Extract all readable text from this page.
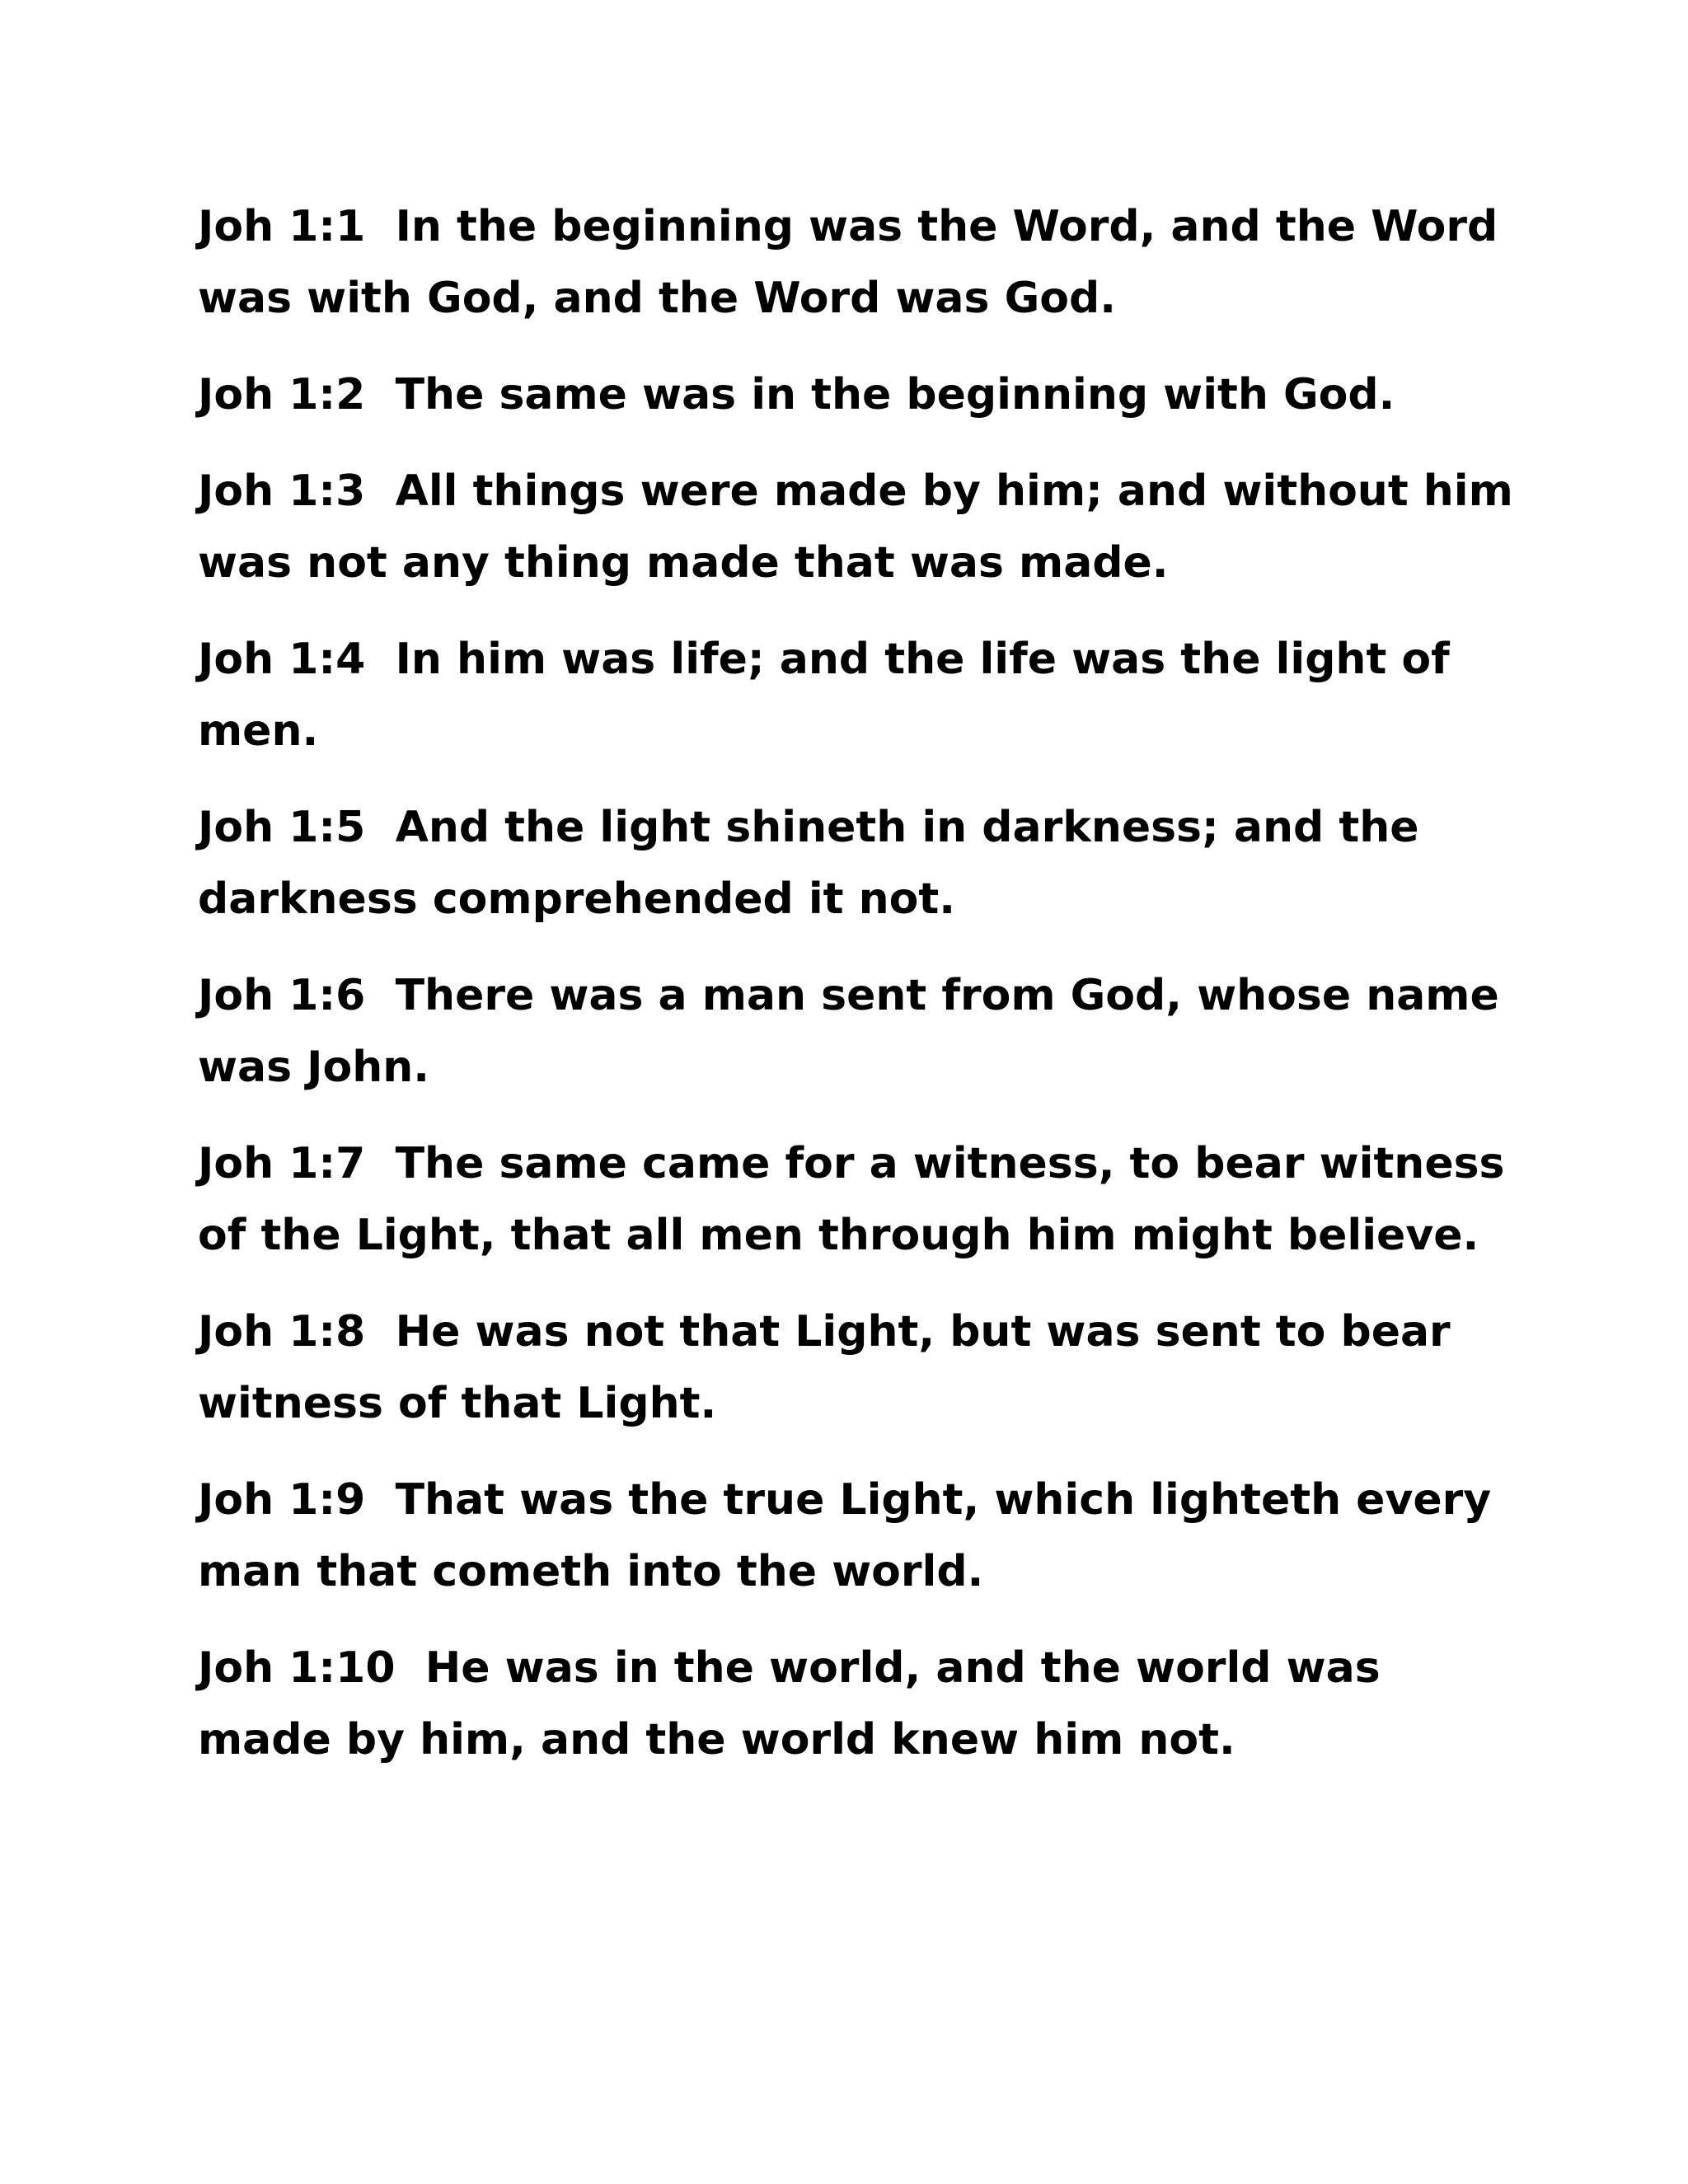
Joh 1:1 In the beginning was the Word, and the Word was with God, and the Word was God.

Joh 1:2 The same was in the beginning with God.

Joh 1:3 All things were made by him; and without him was not any thing made that was made.

Joh 1:4 In him was life; and the life was the light of men.

Joh 1:5 And the light shineth in darkness; and the darkness comprehended it not.

Joh 1:6 There was a man sent from God, whose name was John.

Joh 1:7 The same came for a witness, to bear witness of the Light, that all men through him might believe.

Joh 1:8 He was not that Light, but was sent to bear witness of that Light.

Joh 1:9 That was the true Light, which lighteth every man that cometh into the world.

Joh 1:10 He was in the world, and the world was made by him, and the world knew him not.
